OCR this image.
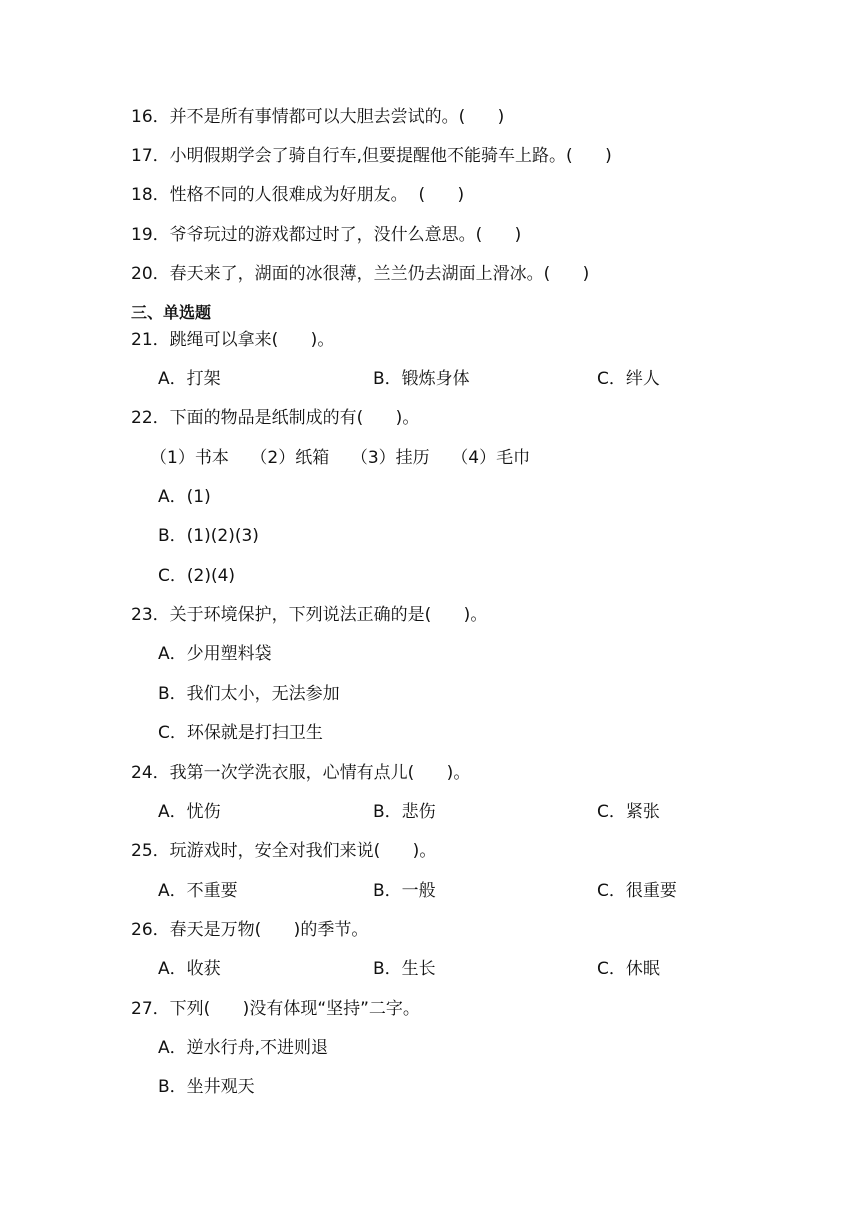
16．并不是所有事情都可以大胆去尝试的。(      )
17．小明假期学会了骑自行车,但要提醒他不能骑车上路。(      )
18．性格不同的人很难成为好朋友。  (      )
19．爷爷玩过的游戏都过时了，没什么意思。(      )
20．春天来了，湖面的冰很薄，兰兰仍去湖面上滑冰。(      )
三、单选题
21．跳绳可以拿来(      )。
A．打架	B．锻炼身体	C．绊人
22．下面的物品是纸制成的有(      )。
（1）书本    （2）纸箱    （3）挂历    （4）毛巾
A．(1)
B．(1)(2)(3)
C．(2)(4)
23．关于环境保护，下列说法正确的是(      )。
A．少用塑料袋
B．我们太小，无法参加
C．环保就是打扫卫生
24．我第一次学洗衣服，心情有点儿(      )。
A．忧伤	B．悲伤	C．紧张
25．玩游戏时，安全对我们来说(      )。
A．不重要	B．一般	C．很重要
26．春天是万物(      )的季节。
A．收获	B．生长	C．休眠
27．下列(      )没有体现“坚持”二字。
A．逆水行舟,不进则退
B．坐井观天
